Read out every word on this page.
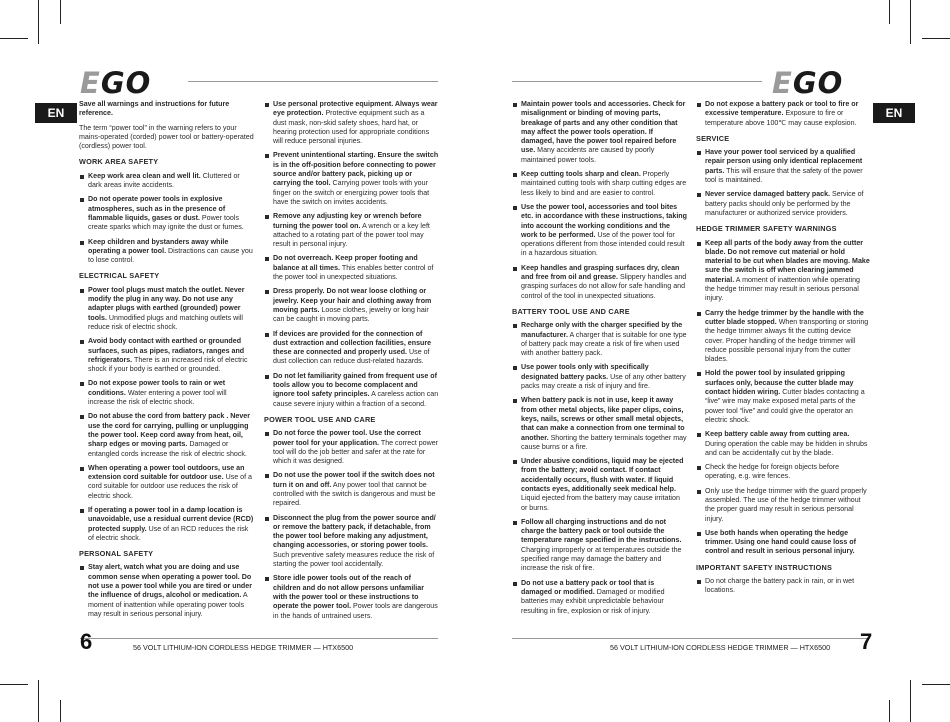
EGO	EGO
EN	EN

Save all warnings and instructions for future reference.

The term “power tool” in the warning refers to your mains-operated (corded) power tool or battery-operated (cordless) power tool.

WORK AREA SAFETY
Keep work area clean and well lit. Cluttered or dark areas invite accidents.
Do not operate power tools in explosive atmospheres, such as in the presence of flammable liquids, gases or dust. Power tools create sparks which may ignite the dust or fumes.
Keep children and bystanders away while operating a power tool. Distractions can cause you to lose control.
ELECTRICAL SAFETY
Power tool plugs must match the outlet. Never modify the plug in any way. Do not use any adapter plugs with earthed (grounded) power tools. Unmodified plugs and matching outlets will reduce risk of electric shock.
Avoid body contact with earthed or grounded surfaces, such as pipes, radiators, ranges and refrigerators. There is an increased risk of electric shock if your body is earthed or grounded.
Do not expose power tools to rain or wet conditions. Water entering a power tool will increase the risk of electric shock.
Do not abuse the cord from battery pack . Never use the cord for carrying, pulling or unplugging the power tool. Keep cord away from heat, oil, sharp edges or moving parts. Damaged or entangled cords increase the risk of electric shock.
When operating a power tool outdoors, use an extension cord suitable for outdoor use. Use of a cord suitable for outdoor use reduces the risk of electric shock.
If operating a power tool in a damp location is unavoidable, use a residual current device (RCD) protected supply. Use of an RCD reduces the risk of electric shock.
PERSONAL SAFETY
Stay alert, watch what you are doing and use common sense when operating a power tool. Do not use a power tool while you are tired or under the influence of drugs, alcohol or medication. A moment of inattention while operating power tools may result in serious personal injury.
Use personal protective equipment. Always wear eye protection. Protective equipment such as a dust mask, non-skid safety shoes, hard hat, or hearing protection used for appropriate conditions will reduce personal injuries.
Prevent unintentional starting. Ensure the switch is in the off-position before connecting to power source and/or battery pack, picking up or carrying the tool. Carrying power tools with your finger on the switch or energizing power tools that have the switch on invites accidents.
Remove any adjusting key or wrench before turning the power tool on. A wrench or a key left attached to a rotating part of the power tool may result in personal injury.
Do not overreach. Keep proper footing and balance at all times. This enables better control of the power tool in unexpected situations.
Dress properly. Do not wear loose clothing or jewelry. Keep your hair and clothing away from moving parts. Loose clothes, jewelry or long hair can be caught in moving parts.
If devices are provided for the connection of dust extraction and collection facilities, ensure these are connected and properly used. Use of dust collection can reduce dust-related hazards.
Do not let familiarity gained from frequent use of tools allow you to become complacent and ignore tool safety principles. A careless action can cause severe injury within a fraction of a second.
POWER TOOL USE AND CARE
Do not force the power tool. Use the correct power tool for your application. The correct power tool will do the job better and safer at the rate for which it was designed.
Do not use the power tool if the switch does not turn it on and off. Any power tool that cannot be controlled with the switch is dangerous and must be repaired.
Disconnect the plug from the power source and/ or remove the battery pack, if detachable, from the power tool before making any adjustment, changing accessories, or storing power tools. Such preventive safety measures reduce the risk of starting the power tool accidentally.
Store idle power tools out of the reach of children and do not allow persons unfamiliar with the power tool or these instructions to operate the power tool. Power tools are dangerous in the hands of untrained users.
Maintain power tools and accessories. Check for misalignment or binding of moving parts, breakage of parts and any other condition that may affect the power tools operation. If damaged, have the power tool repaired before use. Many accidents are caused by poorly maintained power tools.
Keep cutting tools sharp and clean. Properly maintained cutting tools with sharp cutting edges are less likely to bind and are easier to control.
Use the power tool, accessories and tool bites etc. in accordance with these instructions, taking into account the working conditions and the work to be performed. Use of the power tool for operations different from those intended could result in a hazardous situation.
Keep handles and grasping surfaces dry, clean and free from oil and grease. Slippery handles and grasping surfaces do not allow for safe handling and control of the tool in unexpected situations.
BATTERY TOOL USE AND CARE
Recharge only with the charger specified by the manufacturer. A charger that is suitable for one type of battery pack may create a risk of fire when used with another battery pack.
Use power tools only with specifically designated battery packs. Use of any other battery packs may create a risk of injury and fire.
When battery pack is not in use, keep it away from other metal objects, like paper clips, coins, keys, nails, screws or other small metal objects, that can make a connection from one terminal to another. Shorting the battery terminals together may cause burns or a fire.
Under abusive conditions, liquid may be ejected from the battery; avoid contact. If contact accidentally occurs, flush with water. If liquid contacts eyes, additionally seek medical help. Liquid ejected from the battery may cause irritation or burns.
Follow all charging instructions and do not charge the battery pack or tool outside the temperature range specified in the instructions. Charging improperly or at temperatures outside the specified range may damage the battery and increase the risk of fire.
Do not use a battery pack or tool that is damaged or modified. Damaged or modified batteries may exhibit unpredictable behaviour resulting in fire, explosion or risk of injury.
Do not expose a battery pack or tool to fire or excessive temperature. Exposure to fire or temperature above 100℃ may cause explosion.
SERVICE
Have your power tool serviced by a qualified repair person using only identical replacement parts. This will ensure that the safety of the power tool is maintained.
Never service damaged battery pack. Service of battery packs should only be performed by the manufacturer or authorized service providers.
HEDGE TRIMMER SAFETY WARNINGS
Keep all parts of the body away from the cutter blade. Do not remove cut material or hold material to be cut when blades are moving. Make sure the switch is off when clearing jammed material. A moment of inattention while operating the hedge trimmer may result in serious personal injury.
Carry the hedge trimmer by the handle with the cutter blade stopped. When transporting or storing the hedge trimmer always fit the cutting device cover. Proper handling of the hedge trimmer will reduce possible personal injury from the cutter blades.
Hold the power tool by insulated gripping surfaces only, because the cutter blade may contact hidden wiring. Cutter blades contacting a “live” wire may make exposed metal parts of the power tool “live” and could give the operator an electric shock.
Keep battery cable away from cutting area. During operation the cable may be hidden in shrubs and can be accidentally cut by the blade.
Check the hedge for foreign objects before operating, e.g. wire fences.
Only use the hedge trimmer with the guard properly assembled. The use of the hedge trimmer without the proper guard may result in serious personal injury.
Use both hands when operating the hedge trimmer. Using one hand could cause loss of control and result in serious personal injury.
IMPORTANT SAFETY INSTRUCTIONS
Do not charge the battery pack in rain, or in wet locations.
6	7
56 VOLT LITHIUM-ION CORDLESS HEDGE TRIMMER — HTX6500	56 VOLT LITHIUM-ION CORDLESS HEDGE TRIMMER — HTX6500
